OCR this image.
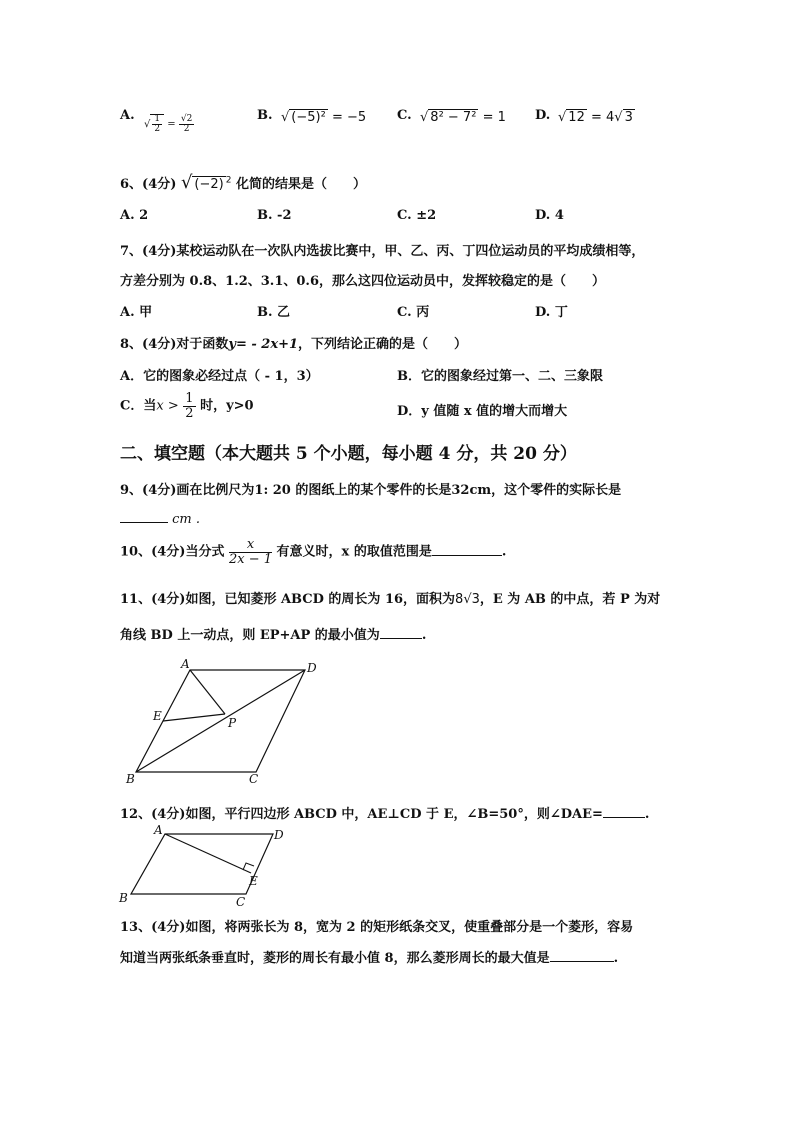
A.
√ $\frac{1}{2} = \frac{√2}{2}$	B. √ (−5)² = −5 C. √ 8² − 7² = 1 D. √ 12 = 4√ 3
6、(4分) √ (−2) $^2$ 化简的结果是（　　）
A. 2	B. -2	C. ±2	D. 4
7、(4分)某校运动队在一次队内选拔比赛中，甲、乙、丙、丁四位运动员的平均成绩相等，
方差分别为 0.8、1.2、3.1、0.6，那么这四位运动员中，发挥较稳定的是（　　）
A. 甲	B. 乙	C. 丙	D. 丁
8、(4分)对于函数y= - 2x+1，下列结论正确的是（　　）
A．它的图象必经过点（ - 1，3）	B．它的图象经过第一、二、三象限
C．当$x > \frac{1}{2}$ 时，y>0	D．y 值随 x 值的增大而增大
二、填空题（本大题共 5 个小题，每小题 4 分，共 20 分）
9、(4分)画在比例尺为1: 20 的图纸上的某个零件的长是32cm，这个零件的实际长是
cm .
10、(4分)当分式 $\frac{x}{2x - 1}$ 有意义时，x 的取值范围是	.
11、(4分)如图，已知菱形 ABCD 的周长为 16，面积为8√3，E 为 AB 的中点，若 P 为对
角线 BD 上一动点，则 EP+AP 的最小值为	.
A	D
B	C
E	P
12、(4分)如图，平行四边形 ABCD 中，AE⊥CD 于 E，∠B=50°，则∠DAE=	.
A	D
B	C
E
13、(4分)如图，将两张长为 8，宽为 2 的矩形纸条交叉，使重叠部分是一个菱形，容易
知道当两张纸条垂直时，菱形的周长有最小值 8，那么菱形周长的最大值是	.
